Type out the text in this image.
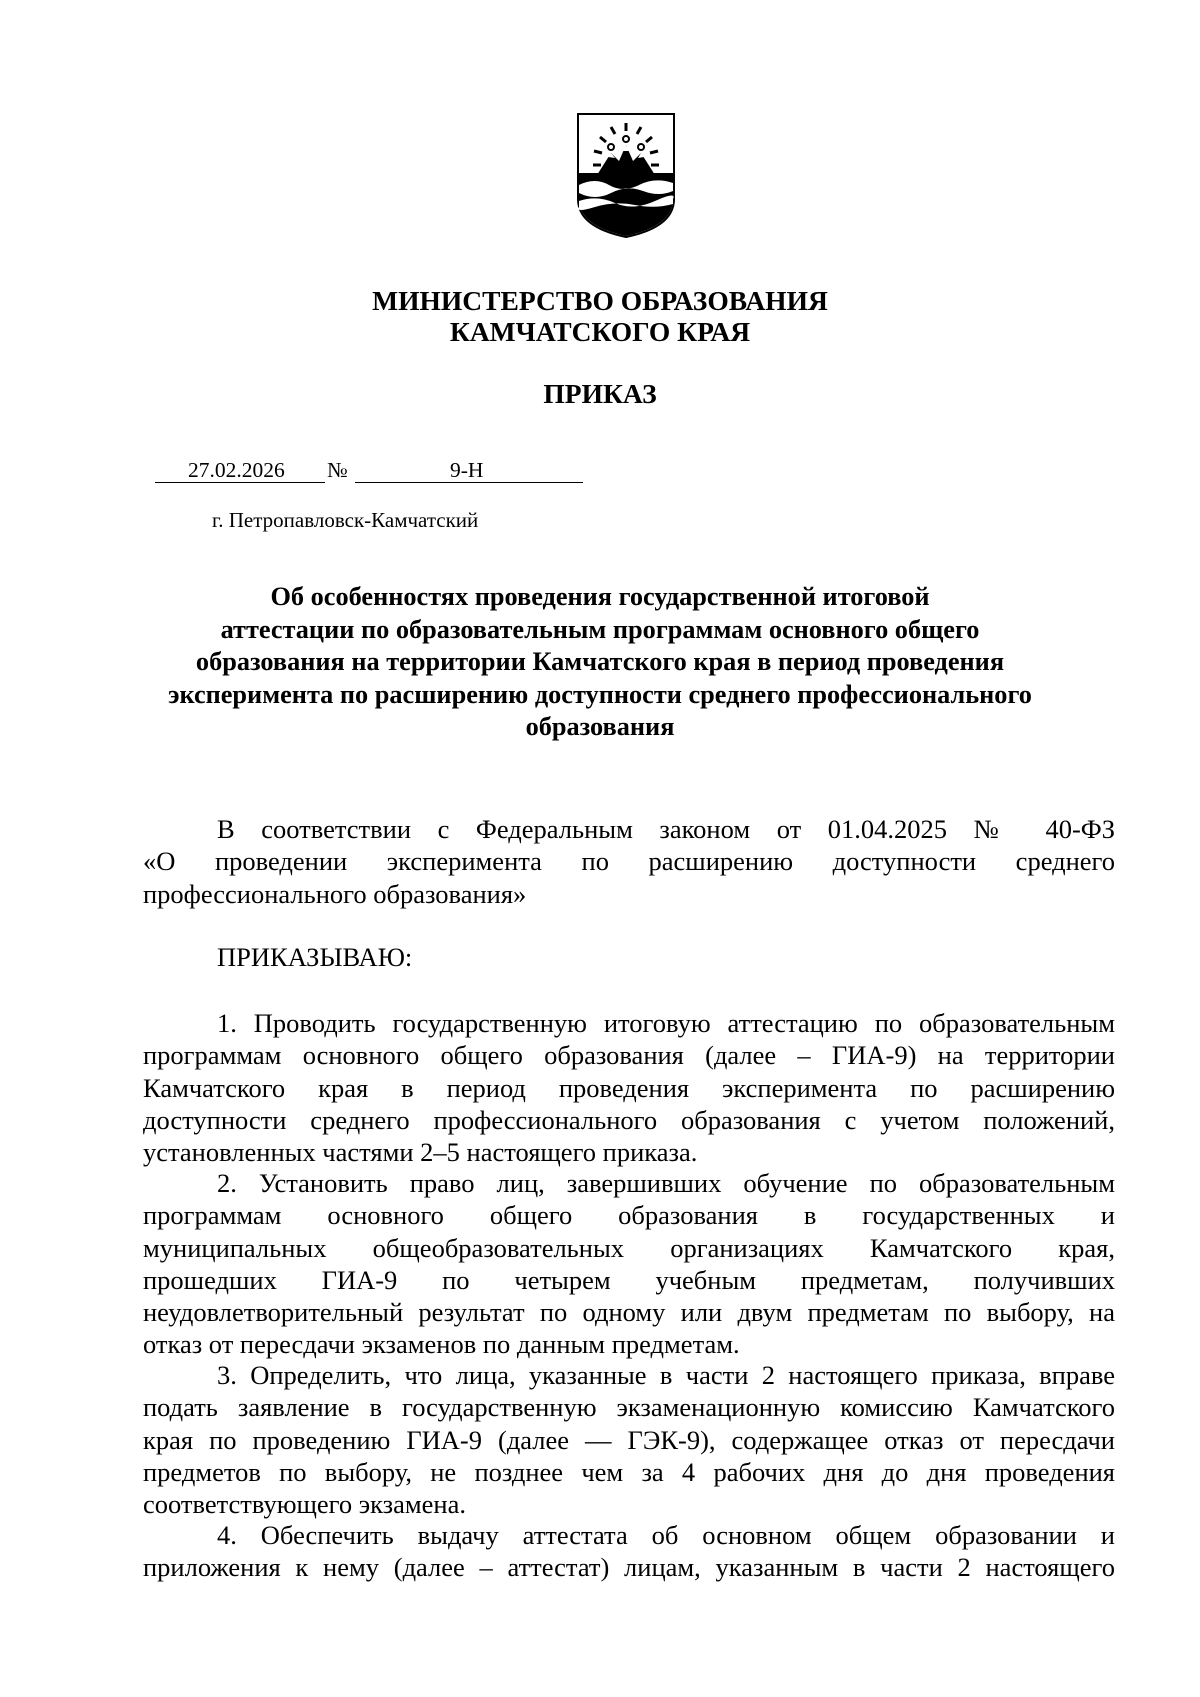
МИНИСТЕРСТВО ОБРАЗОВАНИЯ
КАМЧАТСКОГО КРАЯ
ПРИКАЗ
27.02.2026	№	9-Н
г. Петропавловск-Камчатский
Об особенностях проведения государственной итоговой
аттестации по образовательным программам основного общего
образования на территории Камчатского края в период проведения
эксперимента по расширению доступности среднего профессионального
образования
В соответствии с Федеральным законом от 01.04.2025 № 40-ФЗ
«О проведении эксперимента по расширению доступности среднего
профессионального образования»
ПРИКАЗЫВАЮ:
1. Проводить государственную итоговую аттестацию по образовательным
программам основного общего образования (далее – ГИА-9) на территории
Камчатского края в период проведения эксперимента по расширению
доступности среднего профессионального образования с учетом положений,
установленных частями 2–5 настоящего приказа.
2. Установить право лиц, завершивших обучение по образовательным
программам основного общего образования в государственных и
муниципальных общеобразовательных организациях Камчатского края,
прошедших ГИА-9 по четырем учебным предметам, получивших
неудовлетворительный результат по одному или двум предметам по выбору, на
отказ от пересдачи экзаменов по данным предметам.
3. Определить, что лица, указанные в части 2 настоящего приказа, вправе
подать заявление в государственную экзаменационную комиссию Камчатского
края по проведению ГИА-9 (далее — ГЭК-9), содержащее отказ от пересдачи
предметов по выбору, не позднее чем за 4 рабочих дня до дня проведения
соответствующего экзамена.
4. Обеспечить выдачу аттестата об основном общем образовании и
приложения к нему (далее – аттестат) лицам, указанным в части 2 настоящего
